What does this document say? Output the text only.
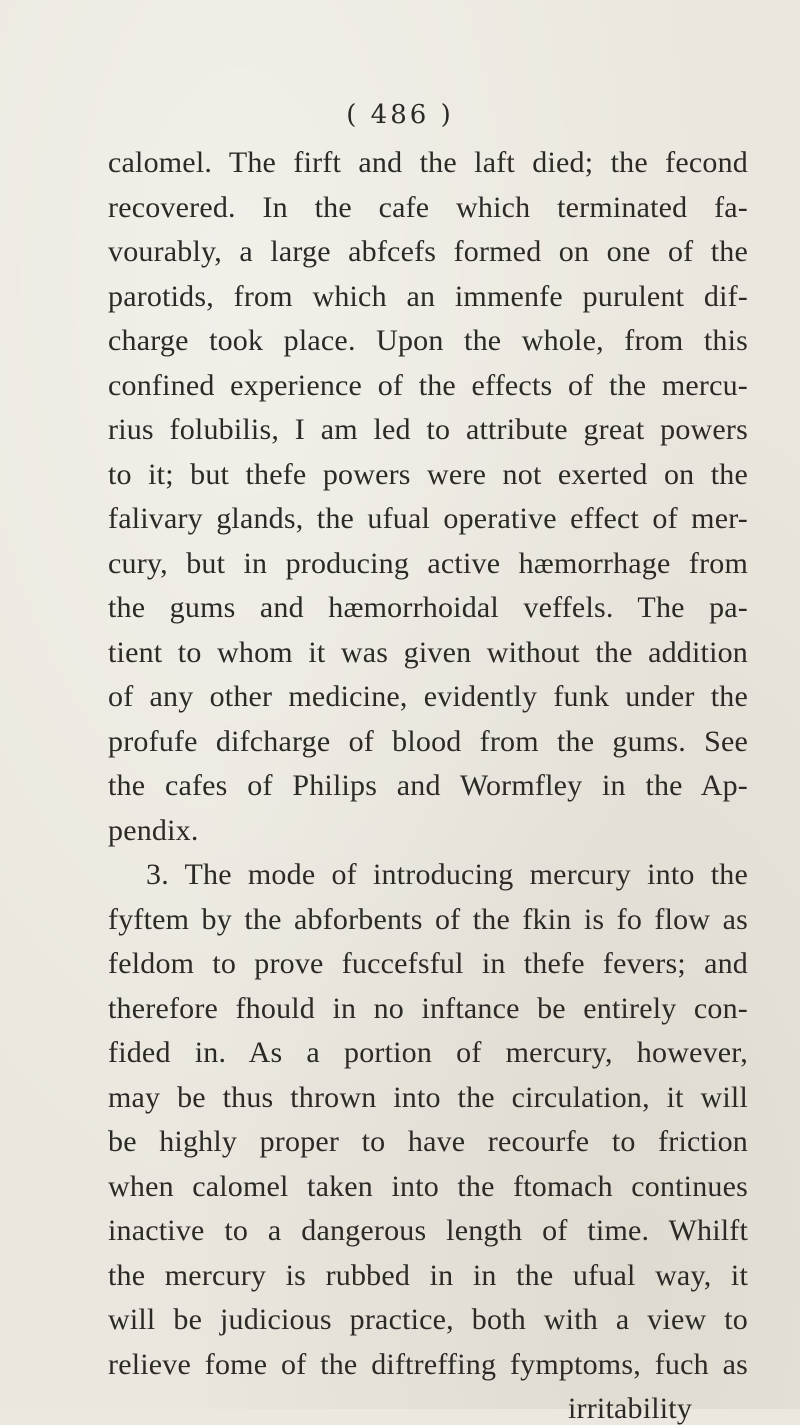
( 486 )
calomel. The firft and the laft died; the fecond
recovered. In the cafe which terminated fa-
vourably, a large abfcefs formed on one of the
parotids, from which an immenfe purulent dif-
charge took place. Upon the whole, from this
confined experience of the effects of the mercu-
rius folubilis, I am led to attribute great powers
to it; but thefe powers were not exerted on the
falivary glands, the ufual operative effect of mer-
cury, but in producing active hæmorrhage from
the gums and hæmorrhoidal veffels. The pa-
tient to whom it was given without the addition
of any other medicine, evidently funk under the
profufe difcharge of blood from the gums. See
the cafes of Philips and Wormfley in the Ap-
pendix.
3. The mode of introducing mercury into the
fyftem by the abforbents of the fkin is fo flow as
feldom to prove fuccefsful in thefe fevers; and
therefore fhould in no inftance be entirely con-
fided in. As a portion of mercury, however,
may be thus thrown into the circulation, it will
be highly proper to have recourfe to friction
when calomel taken into the ftomach continues
inactive to a dangerous length of time. Whilft
the mercury is rubbed in in the ufual way, it
will be judicious practice, both with a view to
relieve fome of the diftreffing fymptoms, fuch as
irritability
